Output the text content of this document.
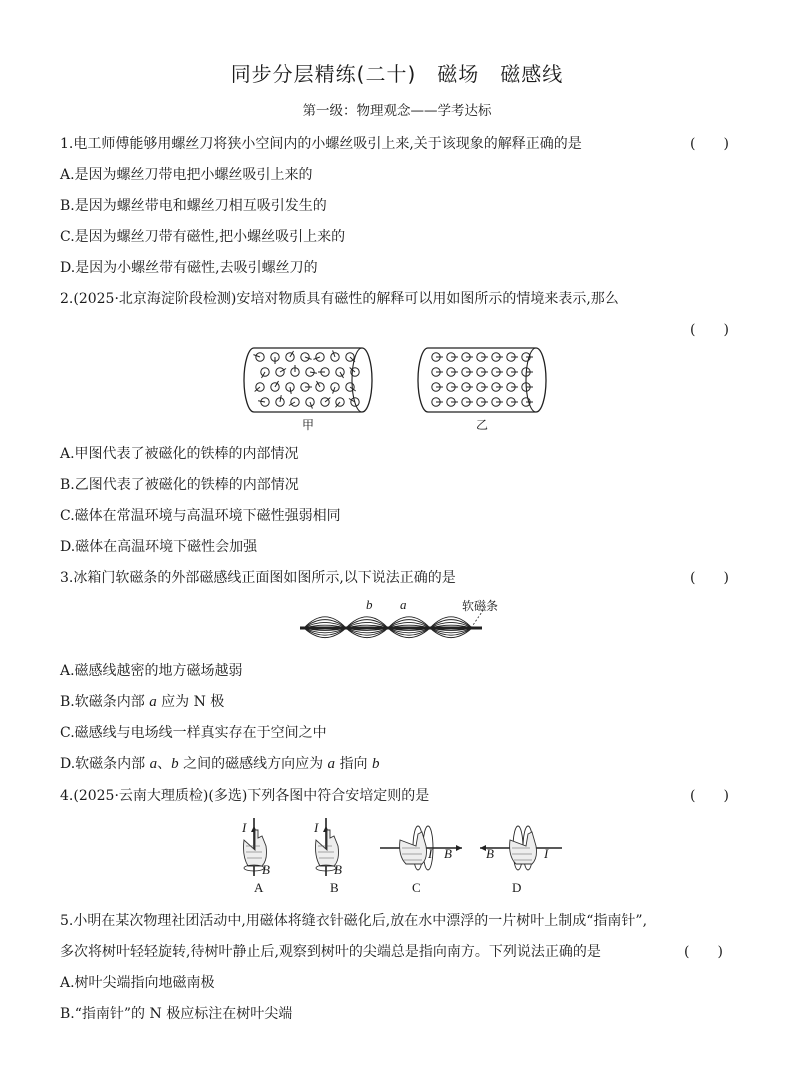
同步分层精练(二十)　磁场　磁感线
第一级：物理观念——学考达标
1.电工师傅能够用螺丝刀将狭小空间内的小螺丝吸引上来,关于该现象的解释正确的是	(　　)
A.是因为螺丝刀带电把小螺丝吸引上来的
B.是因为螺丝带电和螺丝刀相互吸引发生的
C.是因为螺丝刀带有磁性,把小螺丝吸引上来的
D.是因为小螺丝带有磁性,去吸引螺丝刀的
2.(2025·北京海淀阶段检测)安培对物质具有磁性的解释可以用如图所示的情境来表示,那么
(　　)
甲	乙
A.甲图代表了被磁化的铁棒的内部情况
B.乙图代表了被磁化的铁棒的内部情况
C.磁体在常温环境与高温环境下磁性强弱相同
D.磁体在高温环境下磁性会加强
3.冰箱门软磁条的外部磁感线正面图如图所示,以下说法正确的是	(　　)
b a	软磁条
A.磁感线越密的地方磁场越弱
B.软磁条内部 a 应为 N 极
C.磁感线与电场线一样真实存在于空间之中
D.软磁条内部 a、b 之间的磁感线方向应为 a 指向 b
4.(2025·云南大理质检)(多选)下列各图中符合安培定则的是	(　　)
I
B
A
I
B
B
I B
C
B	I
D
5.小明在某次物理社团活动中,用磁体将缝衣针磁化后,放在水中漂浮的一片树叶上制成“指南针”,
多次将树叶轻轻旋转,待树叶静止后,观察到树叶的尖端总是指向南方。下列说法正确的是	(　　)
A.树叶尖端指向地磁南极
B.“指南针”的 N 极应标注在树叶尖端
